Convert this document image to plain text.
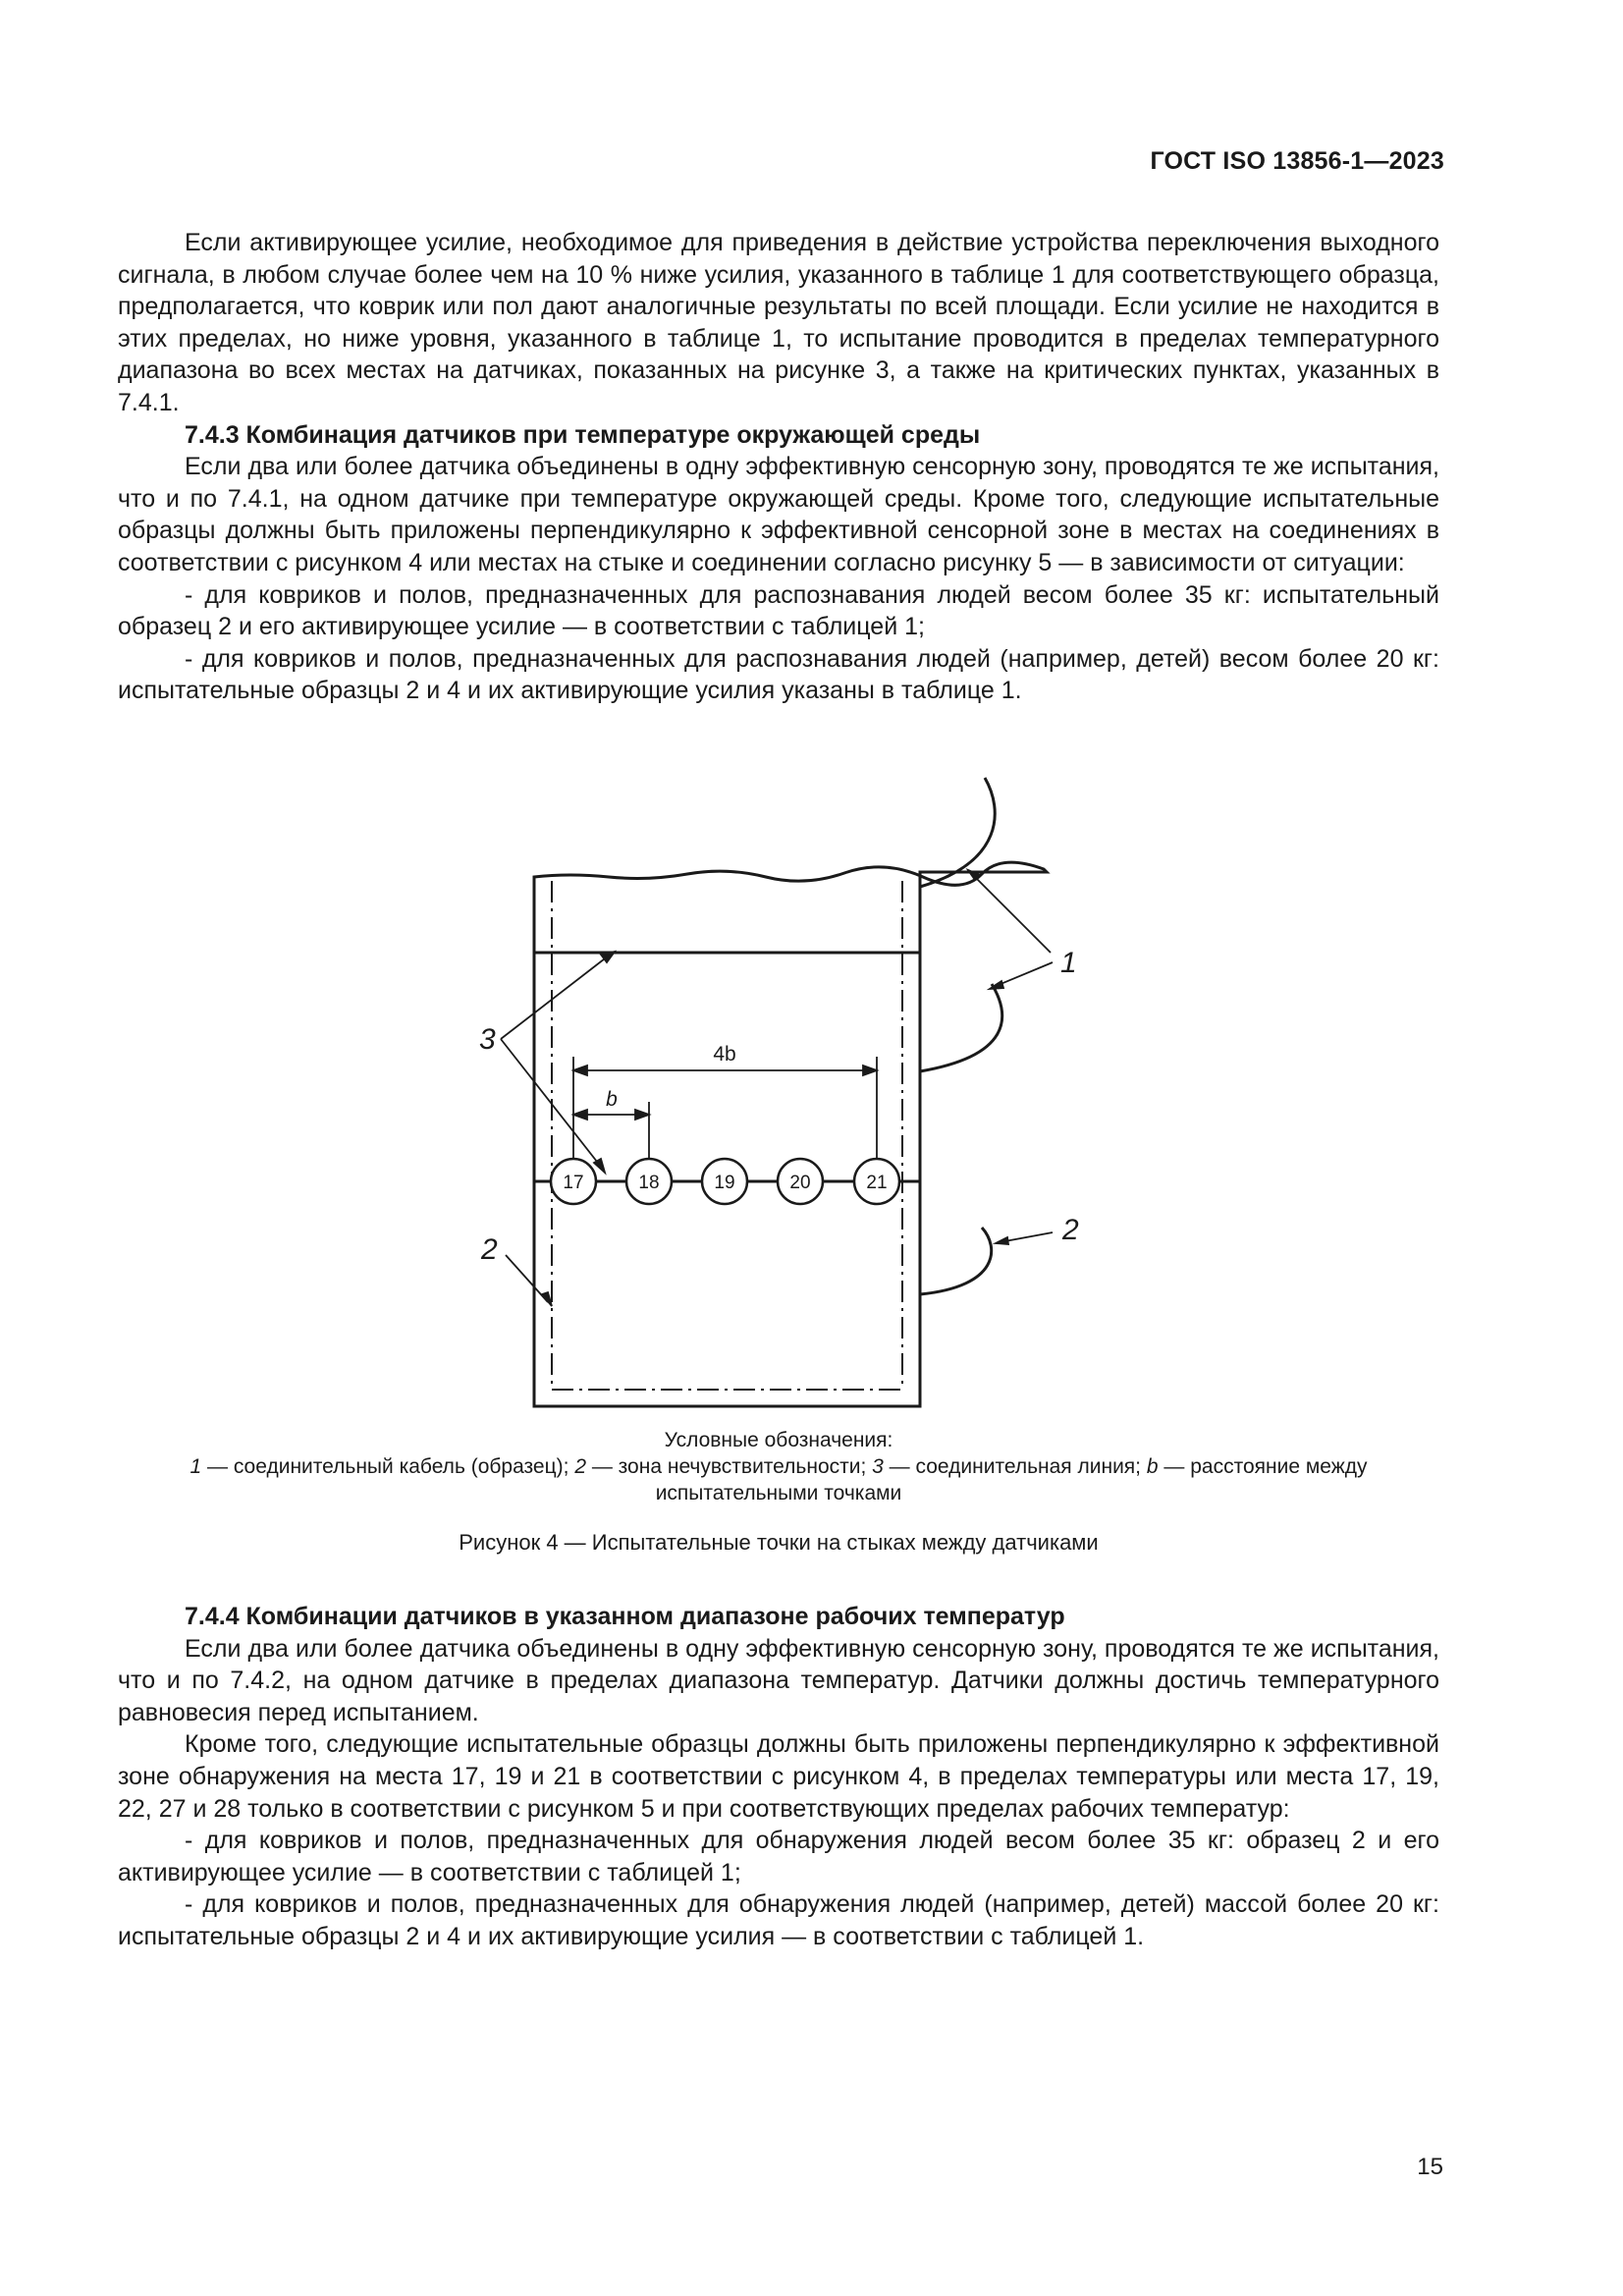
ГОСТ ISO 13856-1—2023

Если активирующее усилие, необходимое для приведения в действие устройства переключения выходного сигнала, в любом случае более чем на 10 % ниже усилия, указанного в таблице 1 для соответствующего образца, предполагается, что коврик или пол дают аналогичные результаты по всей площади. Если усилие не находится в этих пределах, но ниже уровня, указанного в таблице 1, то испытание проводится в пределах температурного диапазона во всех местах на датчиках, показанных на рисунке 3, а также на критических пунктах, указанных в 7.4.1.

7.4.3 Комбинация датчиков при температуре окружающей среды

Если два или более датчика объединены в одну эффективную сенсорную зону, проводятся те же испытания, что и по 7.4.1, на одном датчике при температуре окружающей среды. Кроме того, следующие испытательные образцы должны быть приложены перпендикулярно к эффективной сенсорной зоне в местах на соединениях в соответствии с рисунком 4 или местах на стыке и соединении согласно рисунку 5 — в зависимости от ситуации:

- для ковриков и полов, предназначенных для распознавания людей весом более 35 кг: испытательный образец 2 и его активирующее усилие — в соответствии с таблицей 1;

- для ковриков и полов, предназначенных для распознавания людей (например, детей) весом более 20 кг: испытательные образцы 2 и 4 и их активирующие усилия указаны в таблице 1.

17	18	19	20	21
4b
b
1
2
3
2
Условные обозначения:
1 — соединительный кабель (образец); 2 — зона нечувствительности; 3 — соединительная линия; b — расстояние между
испытательными точками
Рисунок 4 — Испытательные точки на стыках между датчиками

7.4.4 Комбинации датчиков в указанном диапазоне рабочих температур

Если два или более датчика объединены в одну эффективную сенсорную зону, проводятся те же испытания, что и по 7.4.2, на одном датчике в пределах диапазона температур. Датчики должны достичь температурного равновесия перед испытанием.

Кроме того, следующие испытательные образцы должны быть приложены перпендикулярно к эффективной зоне обнаружения на места 17, 19 и 21 в соответствии с рисунком 4, в пределах температуры или места 17, 19, 22, 27 и 28 только в соответствии с рисунком 5 и при соответствующих пределах рабочих температур:

- для ковриков и полов, предназначенных для обнаружения людей весом более 35 кг: образец 2 и его активирующее усилие — в соответствии с таблицей 1;

- для ковриков и полов, предназначенных для обнаружения людей (например, детей) массой более 20 кг: испытательные образцы 2 и 4 и их активирующие усилия — в соответствии с таблицей 1.

15
